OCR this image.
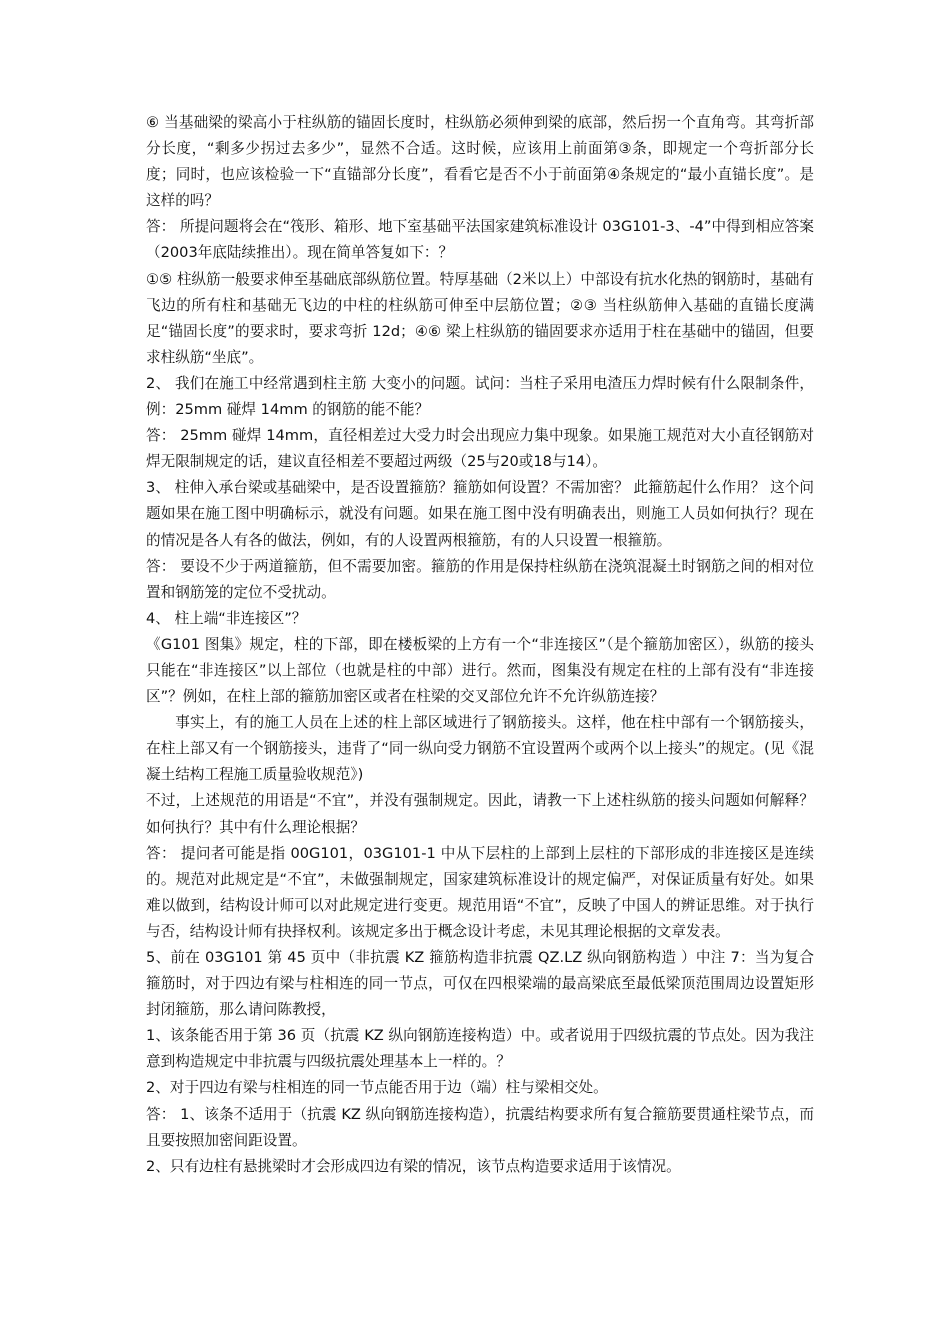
⑥ 当基础梁的梁高小于柱纵筋的锚固长度时，柱纵筋必须伸到梁的底部，然后拐一个直角弯。其弯折部分长度，“剩多少拐过去多少”，显然不合适。这时候，应该用上前面第③条，即规定一个弯折部分长度；同时，也应该检验一下“直锚部分长度”，看看它是否不小于前面第④条规定的“最小直锚长度”。是这样的吗？

答： 所提问题将会在“筏形、箱形、地下室基础平法国家建筑标准设计 03G101-3、-4”中得到相应答案（2003年底陆续推出）。现在简单答复如下：？

①⑤ 柱纵筋一般要求伸至基础底部纵筋位置。特厚基础（2米以上）中部设有抗水化热的钢筋时，基础有飞边的所有柱和基础无飞边的中柱的柱纵筋可伸至中层筋位置；②③ 当柱纵筋伸入基础的直锚长度满足“锚固长度”的要求时，要求弯折 12d；④⑥ 梁上柱纵筋的锚固要求亦适用于柱在基础中的锚固，但要求柱纵筋“坐底”。

2、 我们在施工中经常遇到柱主筋 大变小的问题。试问：当柱子采用电渣压力焊时候有什么限制条件，例：25mm 碰焊 14mm 的钢筋的能不能？

答： 25mm 碰焊 14mm，直径相差过大受力时会出现应力集中现象。如果施工规范对大小直径钢筋对焊无限制规定的话，建议直径相差不要超过两级（25与20或18与14）。

3、 柱伸入承台梁或基础梁中，是否设置箍筋？箍筋如何设置？不需加密？ 此箍筋起什么作用？ 这个问题如果在施工图中明确标示，就没有问题。如果在施工图中没有明确表出，则施工人员如何执行？现在的情况是各人有各的做法，例如，有的人设置两根箍筋，有的人只设置一根箍筋。

答： 要设不少于两道箍筋，但不需要加密。箍筋的作用是保持柱纵筋在浇筑混凝土时钢筋之间的相对位置和钢筋笼的定位不受扰动。

4、 柱上端“非连接区”？

《G101 图集》规定，柱的下部，即在楼板梁的上方有一个“非连接区”（是个箍筋加密区），纵筋的接头只能在“非连接区”以上部位（也就是柱的中部）进行。然而，图集没有规定在柱的上部有没有“非连接区”？例如，在柱上部的箍筋加密区或者在柱梁的交叉部位允许不允许纵筋连接？

事实上，有的施工人员在上述的柱上部区域进行了钢筋接头。这样，他在柱中部有一个钢筋接头，在柱上部又有一个钢筋接头，违背了“同一纵向受力钢筋不宜设置两个或两个以上接头”的规定。(见《混凝土结构工程施工质量验收规范》)

不过，上述规范的用语是“不宜”，并没有强制规定。因此，请教一下上述柱纵筋的接头问题如何解释？如何执行？其中有什么理论根据？

答： 提问者可能是指 00G101，03G101-1 中从下层柱的上部到上层柱的下部形成的非连接区是连续的。规范对此规定是“不宜”，未做强制规定，国家建筑标准设计的规定偏严，对保证质量有好处。如果难以做到，结构设计师可以对此规定进行变更。规范用语“不宜”，反映了中国人的辨证思维。对于执行与否，结构设计师有抉择权利。该规定多出于概念设计考虑，未见其理论根据的文章发表。

5、前在 03G101 第 45 页中（非抗震 KZ 箍筋构造非抗震 QZ.LZ 纵向钢筋构造 ）中注 7：当为复合箍筋时，对于四边有梁与柱相连的同一节点，可仅在四根梁端的最高梁底至最低梁顶范围周边设置矩形封闭箍筋，那么请问陈教授，

1、该条能否用于第 36 页（抗震 KZ 纵向钢筋连接构造）中。或者说用于四级抗震的节点处。因为我注意到构造规定中非抗震与四级抗震处理基本上一样的。？

2、对于四边有梁与柱相连的同一节点能否用于边（端）柱与梁相交处。

答： 1、该条不适用于（抗震 KZ 纵向钢筋连接构造），抗震结构要求所有复合箍筋要贯通柱梁节点，而且要按照加密间距设置。

2、只有边柱有悬挑梁时才会形成四边有梁的情况，该节点构造要求适用于该情况。
